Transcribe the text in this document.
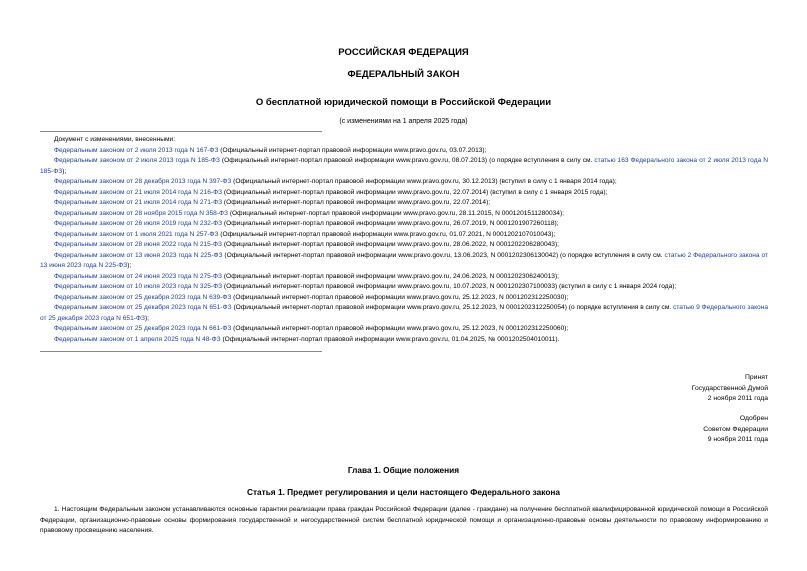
РОССИЙСКАЯ ФЕДЕРАЦИЯ
ФЕДЕРАЛЬНЫЙ ЗАКОН
О бесплатной юридической помощи в Российской Федерации
(с изменениями на 1 апреля 2025 года)
Документ с изменениями, внесенными:
Федеральным законом от 2 июля 2013 года N 167-ФЗ (Официальный интернет-портал правовой информации www.pravo.gov.ru, 03.07.2013);
Федеральным законом от 2 июля 2013 года N 185-ФЗ (Официальный интернет-портал правовой информации www.pravo.gov.ru, 08.07.2013) (о порядке вступления в силу см. статью 163 Федерального закона от 2 июля 2013 года N 185-ФЗ);
Федеральным законом от 28 декабря 2013 года N 397-ФЗ (Официальный интернет-портал правовой информации www.pravo.gov.ru, 30.12.2013) (вступил в силу с 1 января 2014 года);
Федеральным законом от 21 июля 2014 года N 216-ФЗ (Официальный интернет-портал правовой информации www.pravo.gov.ru, 22.07.2014) (вступил в силу с 1 января 2015 года);
Федеральным законом от 21 июля 2014 года N 271-ФЗ (Официальный интернет-портал правовой информации www.pravo.gov.ru, 22.07.2014);
Федеральным законом от 28 ноября 2015 года N 358-ФЗ (Официальный интернет-портал правовой информации www.pravo.gov.ru, 28.11.2015, N 0001201511280034);
Федеральным законом от 26 июля 2019 года N 232-ФЗ (Официальный интернет-портал правовой информации www.pravo.gov.ru, 26.07.2019, N 0001201907260118);
Федеральным законом от 1 июля 2021 года N 257-ФЗ (Официальный интернет-портал правовой информации www.pravo.gov.ru, 01.07.2021, N 0001202107010043);
Федеральным законом от 28 июня 2022 года N 215-ФЗ (Официальный интернет-портал правовой информации www.pravo.gov.ru, 28.06.2022, N 0001202206280043);
Федеральным законом от 13 июня 2023 года N 225-ФЗ (Официальный интернет-портал правовой информации www.pravo.gov.ru, 13.06.2023, N 0001202306130042) (о порядке вступления в силу см. статью 2 Федерального закона от 13 июня 2023 года N 225-ФЗ);
Федеральным законом от 24 июня 2023 года N 275-ФЗ (Официальный интернет-портал правовой информации www.pravo.gov.ru, 24.06.2023, N 0001202306240013);
Федеральным законом от 10 июля 2023 года N 325-ФЗ (Официальный интернет-портал правовой информации www.pravo.gov.ru, 10.07.2023, N 0001202307100033) (вступил в силу с 1 января 2024 года);
Федеральным законом от 25 декабря 2023 года N 639-ФЗ (Официальный интернет-портал правовой информации www.pravo.gov.ru, 25.12.2023, N 0001202312250030);
Федеральным законом от 25 декабря 2023 года N 651-ФЗ (Официальный интернет-портал правовой информации www.pravo.gov.ru, 25.12.2023, N 0001202312250054) (о порядке вступления в силу см. статью 9 Федерального закона от 25 декабря 2023 года N 651-ФЗ);
Федеральным законом от 25 декабря 2023 года N 661-ФЗ (Официальный интернет-портал правовой информации www.pravo.gov.ru, 25.12.2023, N 0001202312250060);
Федеральным законом от 1 апреля 2025 года N 48-ФЗ (Официальный интернет-портал правовой информации www.pravo.gov.ru, 01.04.2025, № 0001202504010011).
Принят
Государственной Думой
2 ноября 2011 года
Одобрен
Советом Федерации
9 ноября 2011 года
Глава 1. Общие положения
Статья 1. Предмет регулирования и цели настоящего Федерального закона
1. Настоящим Федеральным законом устанавливаются основные гарантии реализации права граждан Российской Федерации (далее - граждане) на получение бесплатной квалифицированной юридической помощи в Российской Федерации, организационно-правовые основы формирования государственной и негосударственной систем бесплатной юридической помощи и организационно-правовые основы деятельности по правовому информированию и правовому просвещению населения.
